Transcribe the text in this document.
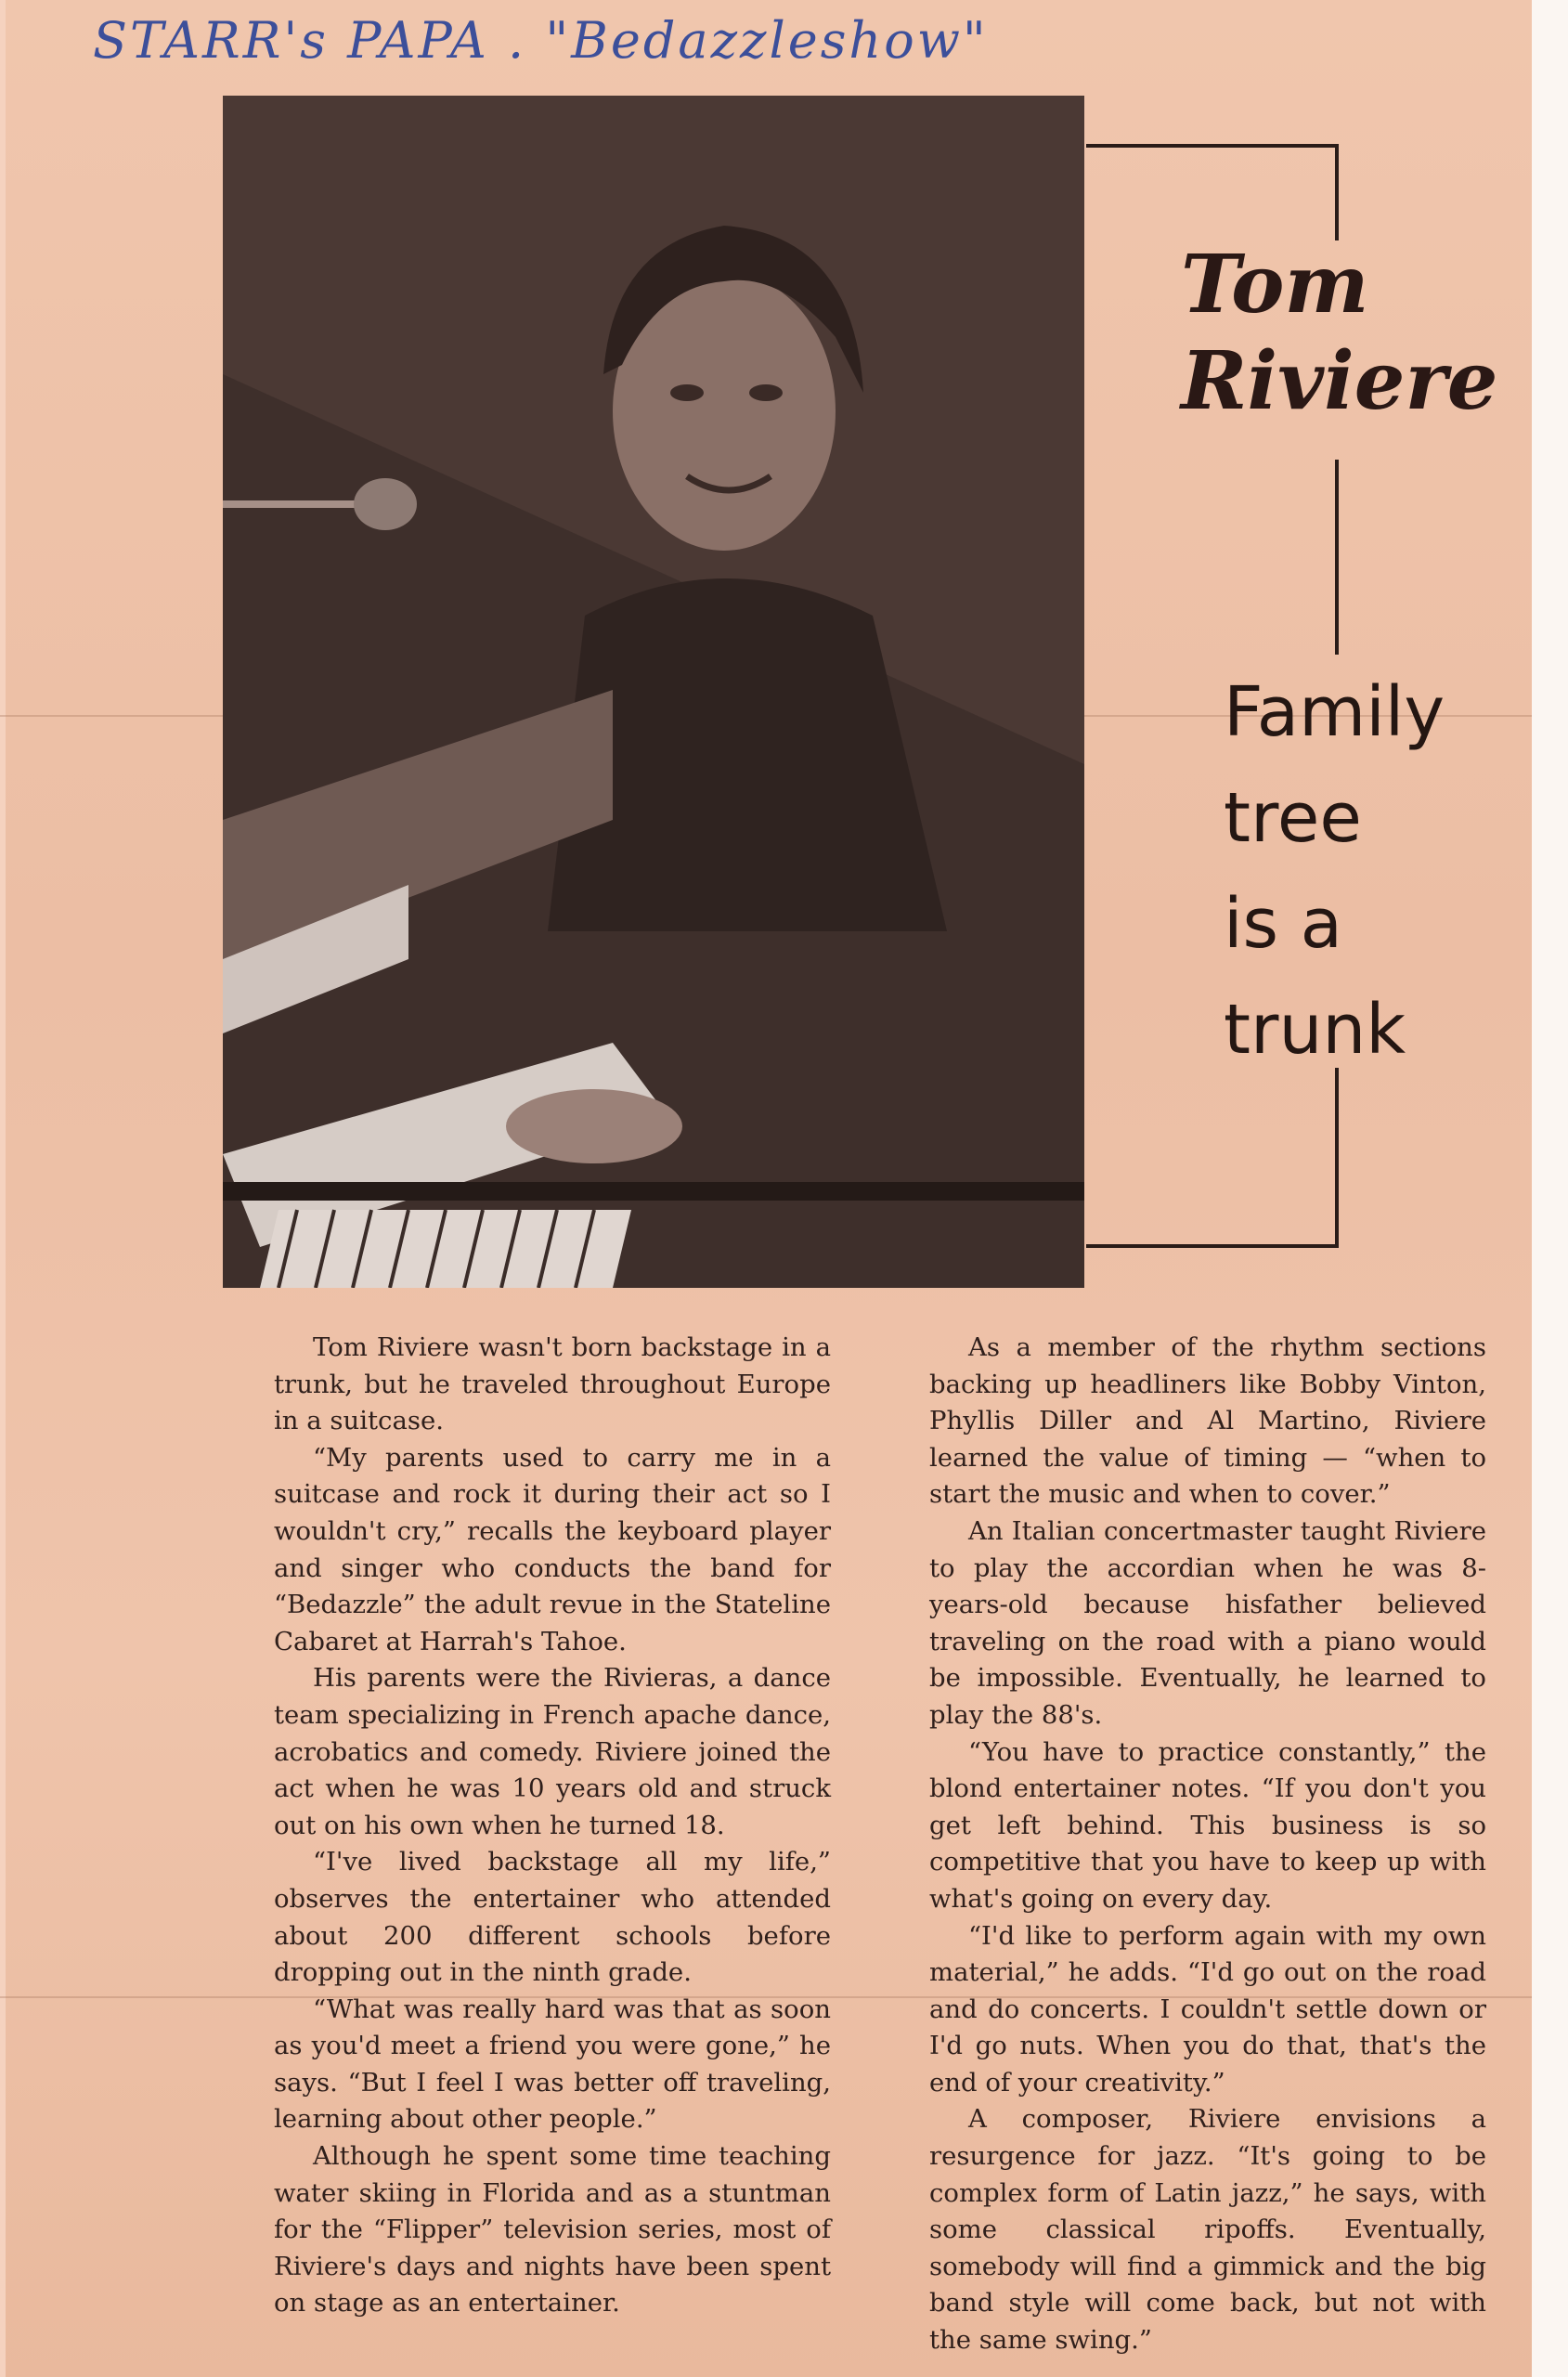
STARR's PAPA . "Bedazzleshow"
Tom
Riviere
Family
tree
is a
trunk

Tom Riviere wasn't born backstage in a trunk, but he traveled throughout Europe in a suitcase.

“My parents used to carry me in a suitcase and rock it during their act so I wouldn't cry,” recalls the keyboard player and singer who conducts the band for “Bedazzle” the adult revue in the Stateline Cabaret at Harrah's Tahoe.

His parents were the Rivieras, a dance team specializing in French apache dance, acrobatics and comedy. Riviere joined the act when he was 10 years old and struck out on his own when he turned 18.

“I've lived backstage all my life,” observes the entertainer who attended about 200 different schools before dropping out in the ninth grade.

“What was really hard was that as soon as you'd meet a friend you were gone,” he says. “But I feel I was better off traveling, learning about other people.”

Although he spent some time teaching water skiing in Florida and as a stuntman for the “Flipper” television series, most of Riviere's days and nights have been spent on stage as an entertainer.

As a member of the rhythm sections backing up headliners like Bobby Vinton, Phyllis Diller and Al Martino, Riviere learned the value of timing — “when to start the music and when to cover.”

An Italian concertmaster taught Riviere to play the accordian when he was 8-years-old because hisfather believed traveling on the road with a piano would be impossible. Eventually, he learned to play the 88's.

“You have to practice constantly,” the blond entertainer notes. “If you don't you get left behind. This business is so competitive that you have to keep up with what's going on every day.

“I'd like to perform again with my own material,” he adds. “I'd go out on the road and do concerts. I couldn't settle down or I'd go nuts. When you do that, that's the end of your creativity.”

A composer, Riviere envisions a resurgence for jazz. “It's going to be complex form of Latin jazz,” he says, with some classical ripoffs. Eventually, somebody will find a gimmick and the big band style will come back, but not with the same swing.”
